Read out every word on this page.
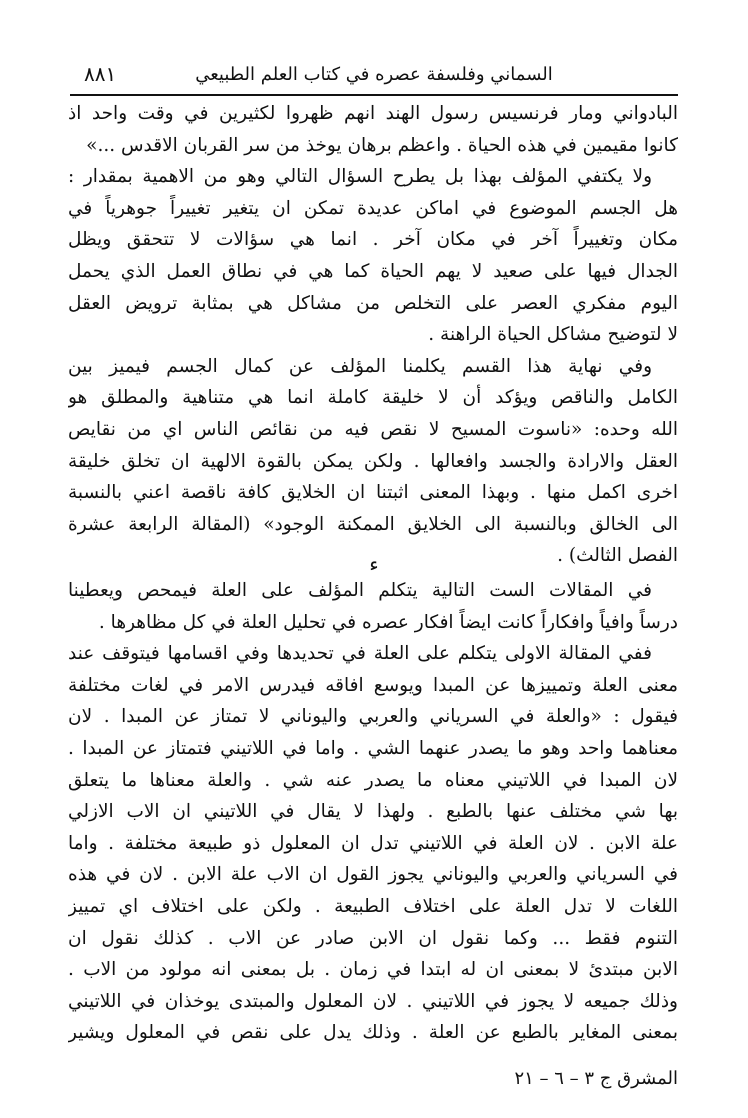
السماني وفلسفة عصره في كتاب العلم الطبيعي
٨٨١
البادواني ومار فرنسيس رسول الهند انهم ظهروا لكثيرين في وقت واحد اذ
كانوا مقيمين في هذه الحياة . واعظم برهان يوخذ من سر القربان الاقدس ...»
ولا يكتفي المؤلف بهذا بل يطرح السؤال التالي وهو من الاهمية بمقدار :
هل الجسم الموضوع في اماكن عديدة تمكن ان يتغير تغييراً جوهرياً في
مكان وتغييراً آخر في مكان آخر . انما هي سؤالات لا تتحقق ويظل
الجدال فيها على صعيد لا يهم الحياة كما هي في نطاق العمل الذي يحمل
اليوم مفكري العصر على التخلص من مشاكل هي بمثابة ترويض العقل
لا لتوضيح مشاكل الحياة الراهنة .
وفي نهاية هذا القسم يكلمنا المؤلف عن كمال الجسم فيميز بين
الكامل والناقص ويؤكد أن لا خليقة كاملة انما هي متناهية والمطلق هو
الله وحده: «ناسوت المسيح لا نقص فيه من نقائص الناس اي من نقايص
العقل والارادة والجسد وافعالها . ولكن يمكن بالقوة الالهية ان تخلق خليقة
اخرى اكمل منها . وبهذا المعنى اثبتنا ان الخلايق كافة ناقصة اعني بالنسبة
الى الخالق وبالنسبة الى الخلايق الممكنة الوجود» (المقالة الرابعة عشرة
الفصل الثالث) .
ء
في المقالات الست التالية يتكلم المؤلف على العلة فيمحص ويعطينا
درساً وافياً وافكاراً كانت ايضاً افكار عصره في تحليل العلة في كل مظاهرها .
ففي المقالة الاولى يتكلم على العلة في تحديدها وفي اقسامها فيتوقف عند
معنى العلة وتمييزها عن المبدا ويوسع افاقه فيدرس الامر في لغات مختلفة
فيقول : «والعلة في السرياني والعربي واليوناني لا تمتاز عن المبدا . لان
معناهما واحد وهو ما يصدر عنهما الشي . واما في اللاتيني فتمتاز عن المبدا .
لان المبدا في اللاتيني معناه ما يصدر عنه شي . والعلة معناها ما يتعلق
بها شي مختلف عنها بالطبع . ولهذا لا يقال في اللاتيني ان الاب الازلي
علة الابن . لان العلة في اللاتيني تدل ان المعلول ذو طبيعة مختلفة . واما
في السرياني والعربي واليوناني يجوز القول ان الاب علة الابن . لان في هذه
اللغات لا تدل العلة على اختلاف الطبيعة . ولكن على اختلاف اي تمييز
التنوم فقط ... وكما نقول ان الابن صادر عن الاب . كذلك نقول ان
الابن مبتدئ لا بمعنى ان له ابتدا في زمان . بل بمعنى انه مولود من الاب .
وذلك جميعه لا يجوز في اللاتيني . لان المعلول والمبتدى يوخذان في اللاتيني
بمعنى المغاير بالطبع عن العلة . وذلك يدل على نقص في المعلول ويشير
المشرق ج ٣ – ٦ – ٢١
